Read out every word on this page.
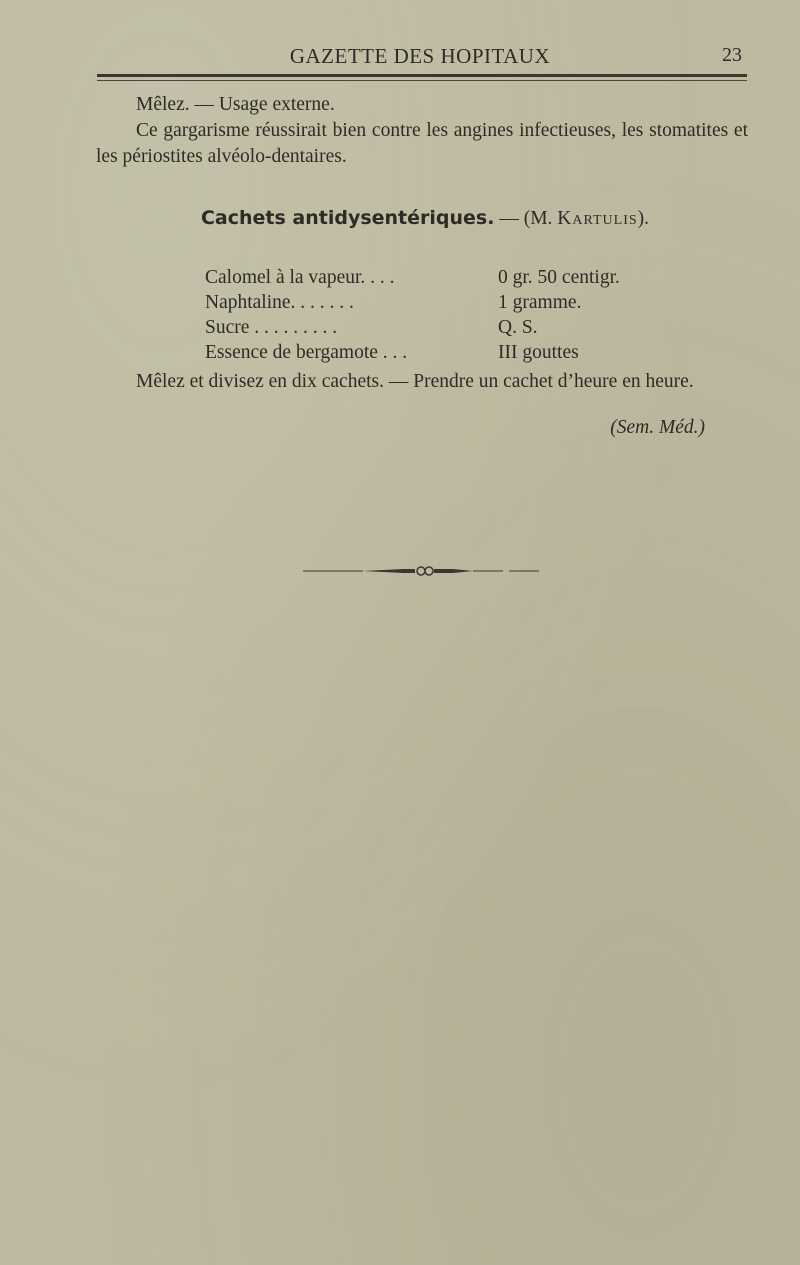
GAZETTE DES HOPITAUX	23
Mêlez. — Usage externe.
Ce gargarisme réussirait bien contre les angines infectieuses, les stomatites et les périostites alvéolo-dentaires.
Cachets antidysentériques. — (M. Kartulis).
Calomel à la vapeur. . . .	0 gr. 50 centigr.
Naphtaline. . . . . . .	1 gramme.
Sucre . . . . . . . . .	Q. S.
Essence de bergamote . . .	III gouttes
Mêlez et divisez en dix cachets. — Prendre un cachet d’heure en heure.
(Sem. Méd.)
